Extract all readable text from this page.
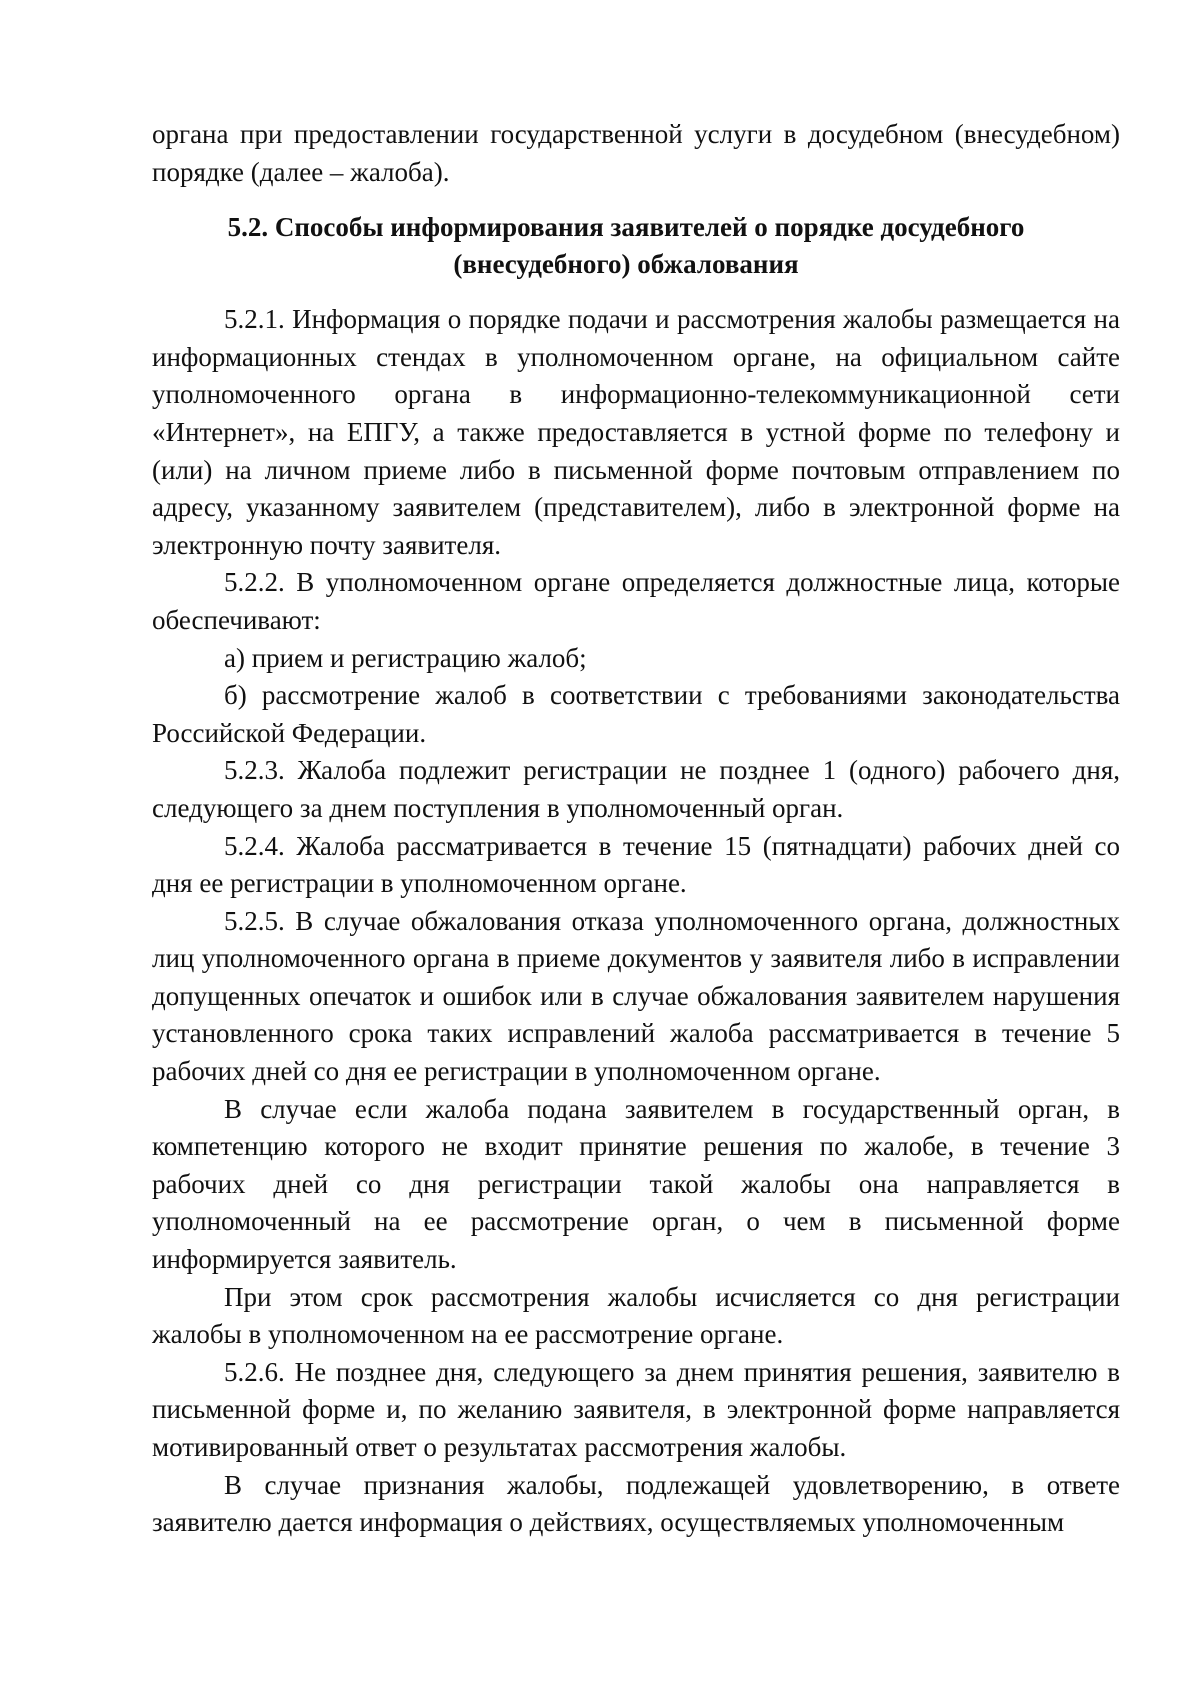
органа при предоставлении государственной услуги в досудебном (внесудебном) порядке (далее – жалоба).

5.2. Способы информирования заявителей о порядке досудебного
(внесудебного) обжалования

5.2.1. Информация о порядке подачи и рассмотрения жалобы размещается на информационных стендах в уполномоченном органе, на официальном сайте уполномоченного органа в информационно-телекоммуникационной сети «Интернет», на ЕПГУ, а также предоставляется в устной форме по телефону и (или) на личном приеме либо в письменной форме почтовым отправлением по адресу, указанному заявителем (представителем), либо в электронной форме на электронную почту заявителя.

5.2.2. В уполномоченном органе определяется должностные лица, которые обеспечивают:

а) прием и регистрацию жалоб;

б) рассмотрение жалоб в соответствии с требованиями законодательства Российской Федерации.

5.2.3. Жалоба подлежит регистрации не позднее 1 (одного) рабочего дня, следующего за днем поступления в уполномоченный орган.

5.2.4. Жалоба рассматривается в течение 15 (пятнадцати) рабочих дней со дня ее регистрации в уполномоченном органе.

5.2.5. В случае обжалования отказа уполномоченного органа, должностных лиц уполномоченного органа в приеме документов у заявителя либо в исправлении допущенных опечаток и ошибок или в случае обжалования заявителем нарушения установленного срока таких исправлений жалоба рассматривается в течение 5 рабочих дней со дня ее регистрации в уполномоченном органе.

В случае если жалоба подана заявителем в государственный орган, в компетенцию которого не входит принятие решения по жалобе, в течение 3 рабочих дней со дня регистрации такой жалобы она направляется в уполномоченный на ее рассмотрение орган, о чем в письменной форме информируется заявитель.

При этом срок рассмотрения жалобы исчисляется со дня регистрации жалобы в уполномоченном на ее рассмотрение органе.

5.2.6. Не позднее дня, следующего за днем принятия решения, заявителю в письменной форме и, по желанию заявителя, в электронной форме направляется мотивированный ответ о результатах рассмотрения жалобы.

В случае признания жалобы, подлежащей удовлетворению, в ответе заявителю дается информация о действиях, осуществляемых уполномоченным
